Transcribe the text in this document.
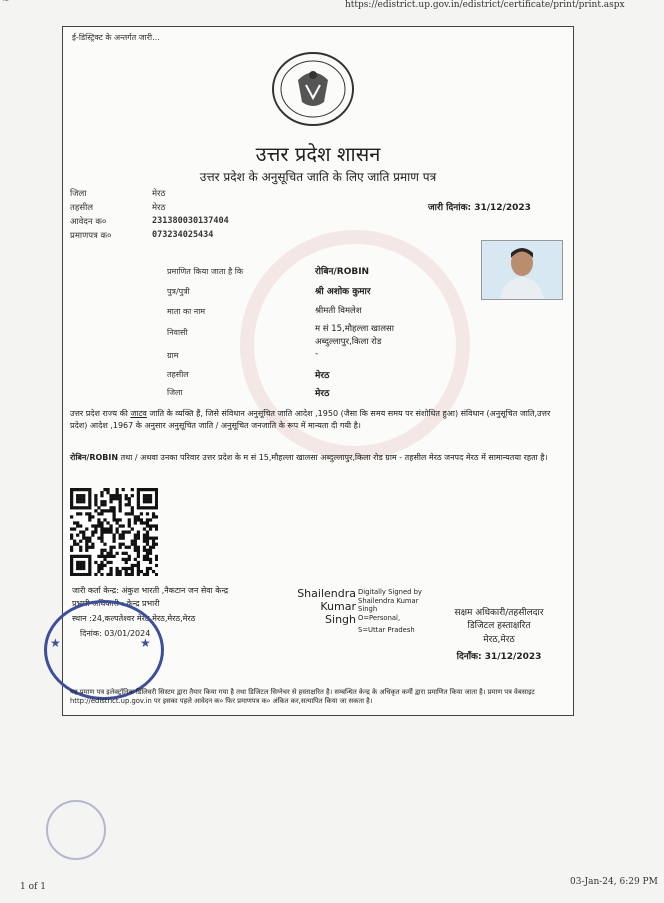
~	https://edistrict.up.gov.in/edistrict/certificate/print/print.aspx
ई-डिस्ट्रिक्ट के अन्तर्गत जारी...
उत्तर प्रदेश शासन
उत्तर प्रदेश के अनुसूचित जाति के लिए जाति प्रमाण पत्र
जिला	मेरठ
तहसील	मेरठ
आवेदन क०	231380030137404
प्रमाणपत्र क०	073234025434
जारी दिनांक: 31/12/2023
प्रमाणित किया जाता है कि	रोबिन/ROBIN
पुत्र/पुत्री	श्री अशोक कुमार
माता का नाम	श्रीमती विमलेश
निवासी	म सं 15,मौहल्ला खालसा
अब्दुल्लापुर,किला रोड
ग्राम	-
तहसील	मेरठ
जिला	मेरठ
उत्तर प्रदेश राज्य की जाटव जाति के व्यक्ति हैं, जिसे संविधान अनुसूचित जाति आदेश ,1950 (जैसा कि समय समय पर संशोधित हुआ) संविधान (अनुसूचित जाति,उत्तर प्रदेश) आदेश ,1967 के अनुसार अनुसूचित जाति / अनुसूचित जनजाति के रूप में मान्यता दी गयी है।
रोबिन/ROBIN तथा / अथवा उनका परिवार उत्तर प्रदेश के म सं 15,मौहल्ला खालसा अब्दुल्लापुर,किला रोड ग्राम - तहसील मेरठ जनपद मेरठ में सामान्यतया रहता है।
जारी कर्ता केन्द्र: अंकुश भारती ,नैकटान जन सेवा केन्द्र
प्रभारी अधिकारी : केन्द्र प्रभारी
स्थान :24,कल्पतेश्वर मेरठ,मेरठ,मेरठ,मेरठ
दिनांक: 03/01/2024
★	★
Shailendra
Kumar
Singh
Digitally Signed by
Shailendra Kumar
Singh
O=Personal,
S=Uttar Pradesh
सक्षम अधिकारी/तहसीलदार
डिजिटल हस्ताक्षरित
मेरठ,मेरठ
दिनाँक: 31/12/2023
यह प्रमाण पत्र इलेक्ट्रॉनिक डिलिवरी सिस्टम द्वारा तैयार किया गया है तथा डिजिटल सिग्नेचर से हस्ताक्षरित है। सम्बन्धित केन्द्र के अधिकृत कर्मी द्वारा प्रमाणित किया जाता है। प्रमाण पत्र वेबसाइट http://edistrict.up.gov.in पर इसका पहले आवेदन क० फिर प्रमाणपत्र क० अंकित कर,सत्यापित किया जा सकता है।
1 of 1	03-Jan-24, 6:29 PM
